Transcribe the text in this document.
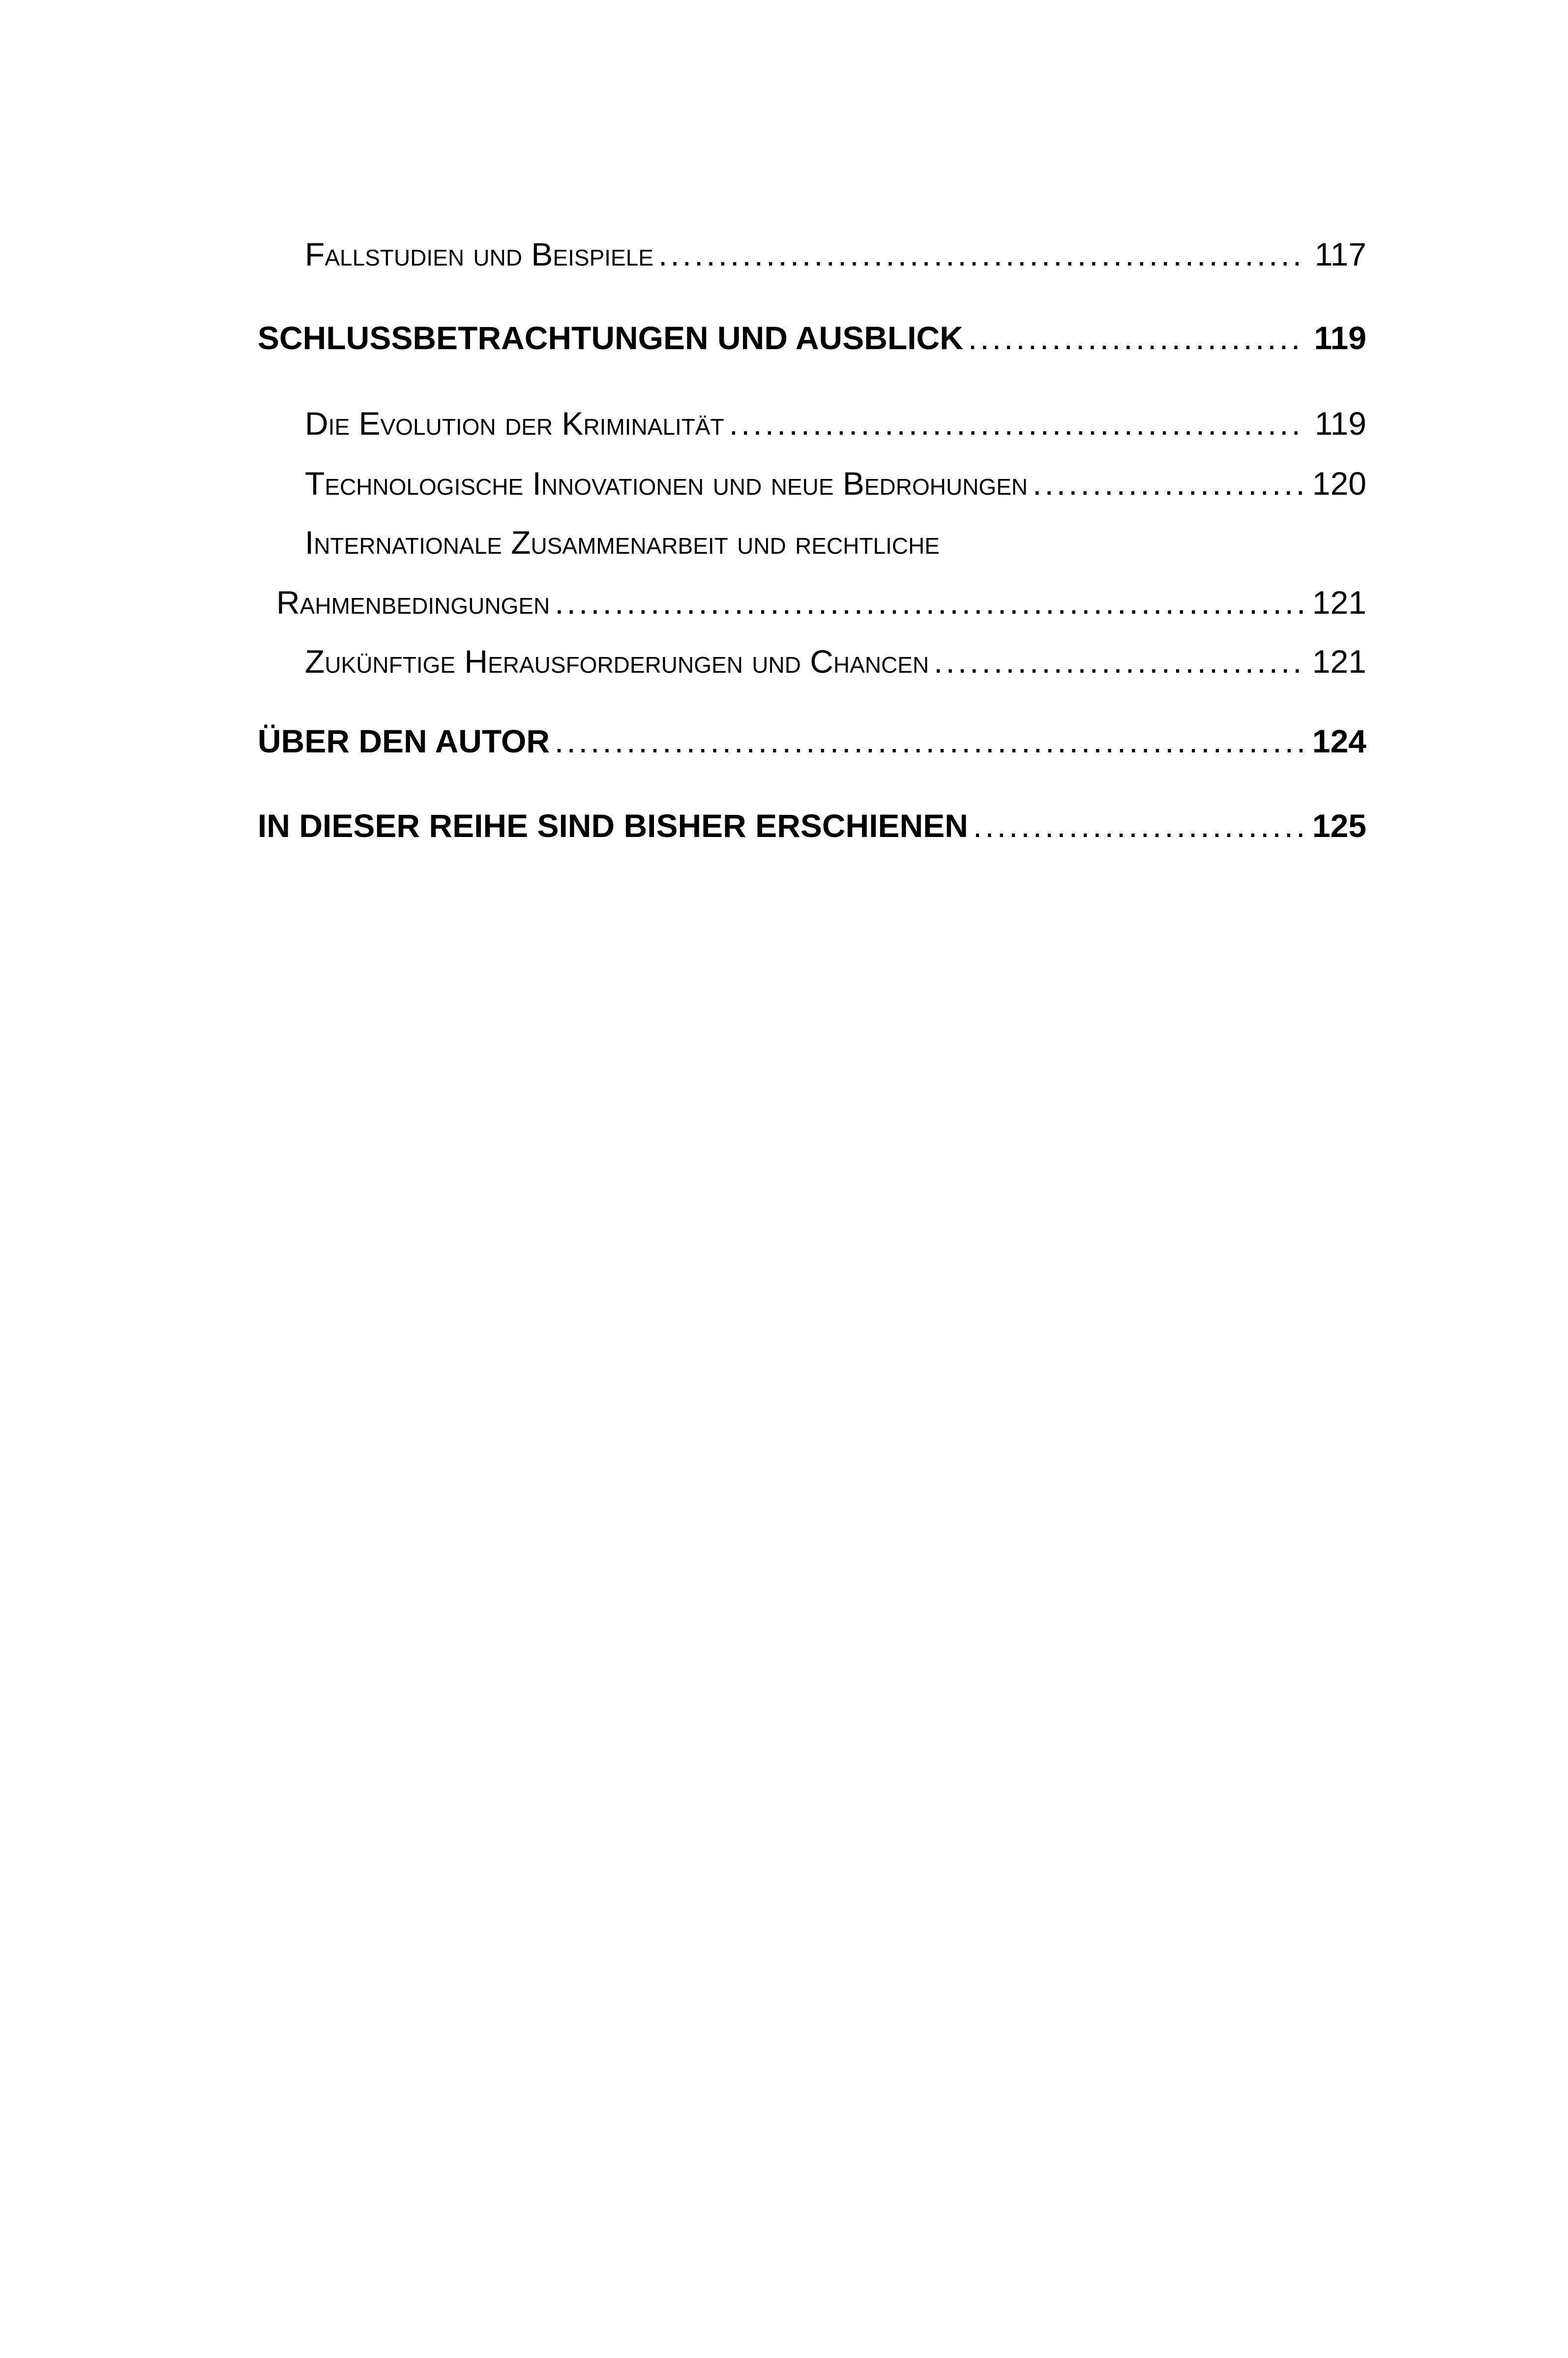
Fallstudien und Beispiele .....	117
SCHLUSSBETRACHTUNGEN UND AUSBLICK .....	119
Die Evolution der Kriminalität .....	119
Technologische Innovationen und neue Bedrohungen .....	120
Internationale Zusammenarbeit und rechtliche
Rahmenbedingungen .....	121
Zukünftige Herausforderungen und Chancen .....	121
ÜBER DEN AUTOR .....	124
IN DIESER REIHE SIND BISHER ERSCHIENEN .....	125
